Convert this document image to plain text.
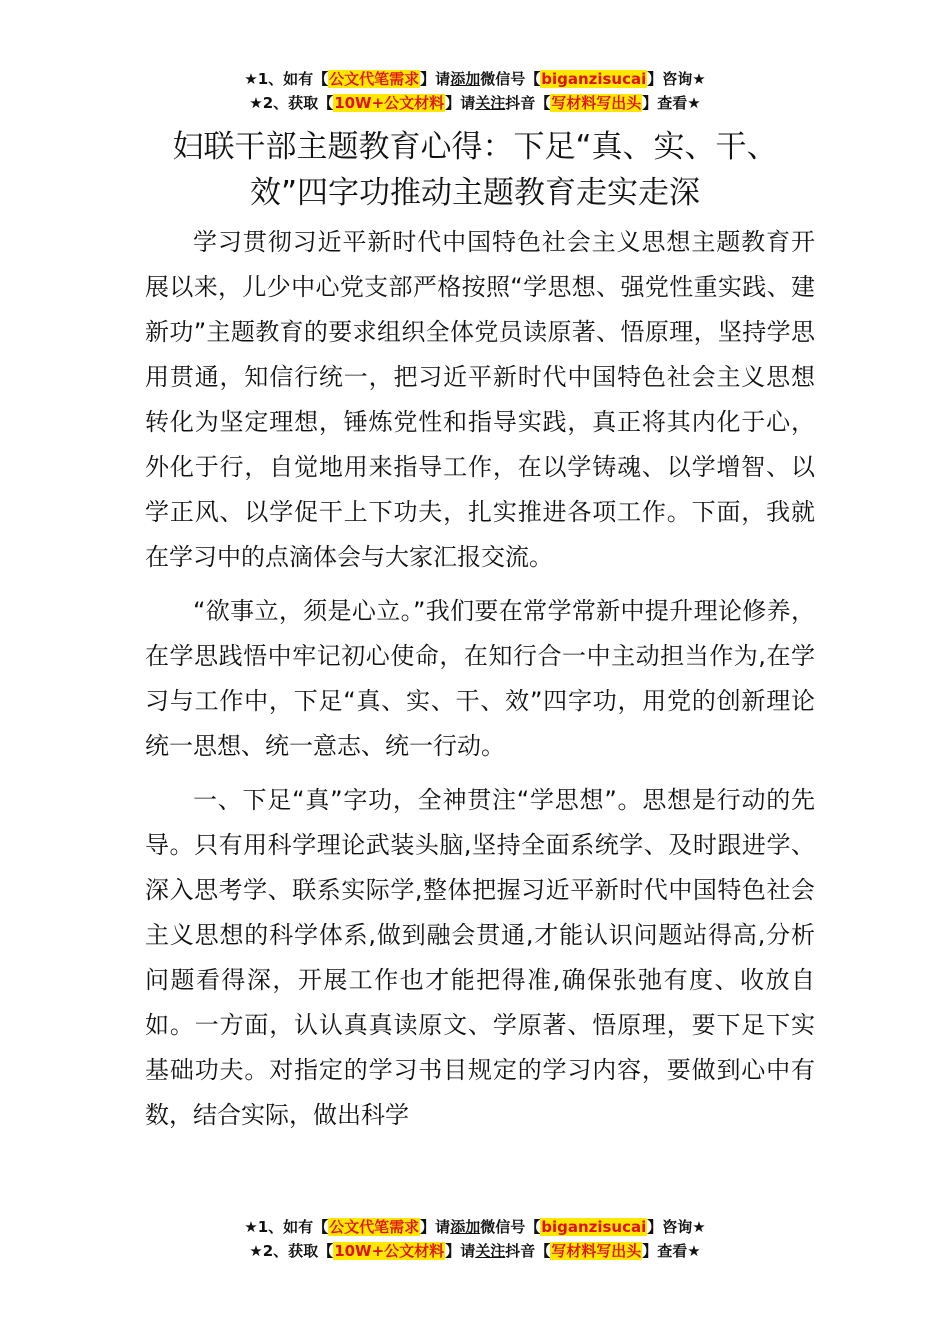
★1、如有【公文代笔需求】请添加微信号【biganzisucai】咨询★
★2、获取【10W+公文材料】请关注抖音【写材料写出头】查看★
妇联干部主题教育心得：下足“真、实、干、
效”四字功推动主题教育走实走深

学习贯彻习近平新时代中国特色社会主义思想主题教育开展以来，儿少中心党支部严格按照“学思想、强党性重实践、建新功”主题教育的要求组织全体党员读原著、悟原理，坚持学思用贯通，知信行统一，把习近平新时代中国特色社会主义思想转化为坚定理想，锤炼党性和指导实践，真正将其内化于心，外化于行，自觉地用来指导工作，在以学铸魂、以学增智、以学正风、以学促干上下功夫，扎实推进各项工作。下面，我就在学习中的点滴体会与大家汇报交流。

“欲事立，须是心立。”我们要在常学常新中提升理论修养，在学思践悟中牢记初心使命，在知行合一中主动担当作为,在学习与工作中，下足“真、实、干、效”四字功，用党的创新理论统一思想、统一意志、统一行动。

一、下足“真”字功，全神贯注“学思想”。思想是行动的先导。只有用科学理论武装头脑,坚持全面系统学、及时跟进学、深入思考学、联系实际学,整体把握习近平新时代中国特色社会主义思想的科学体系,做到融会贯通,才能认识问题站得高,分析问题看得深，开展工作也才能把得准,确保张弛有度、收放自如。一方面，认认真真读原文、学原著、悟原理，要下足下实基础功夫。对指定的学习书目规定的学习内容，要做到心中有数，结合实际，做出科学

★1、如有【公文代笔需求】请添加微信号【biganzisucai】咨询★
★2、获取【10W+公文材料】请关注抖音【写材料写出头】查看★
